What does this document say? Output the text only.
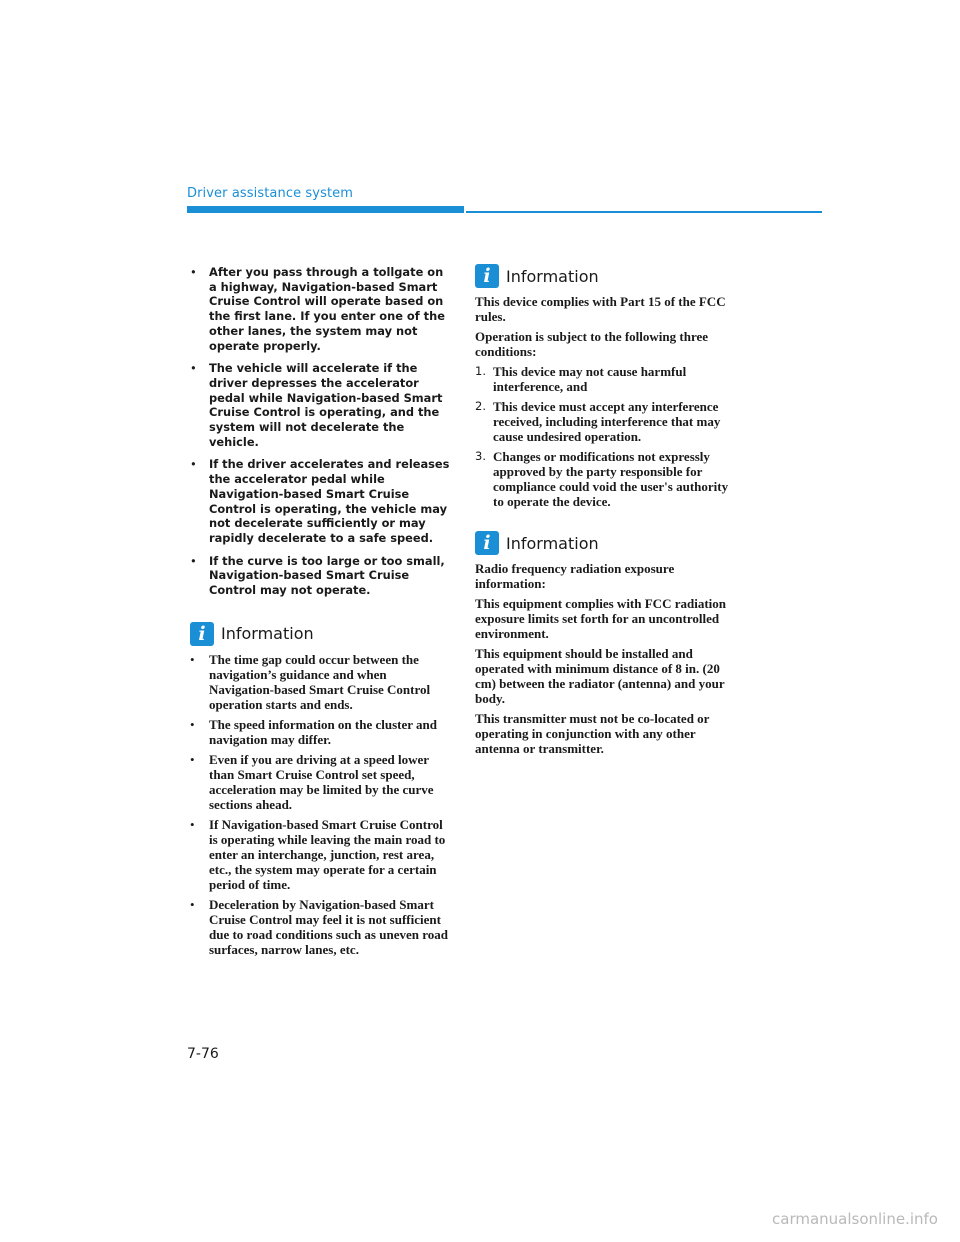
Driver assistance system
• After you pass through a tollgate on a highway, Navigation-based Smart Cruise Control will operate based on the first lane. If you enter one of the other lanes, the system may not operate properly.
• The vehicle will accelerate if the driver depresses the accelerator pedal while Navigation-based Smart Cruise Control is operating, and the system will not decelerate the vehicle.
• If the driver accelerates and releases the accelerator pedal while Navigation-based Smart Cruise Control is operating, the vehicle may not decelerate sufficiently or may rapidly decelerate to a safe speed.
• If the curve is too large or too small, Navigation-based Smart Cruise Control may not operate.
i Information
• The time gap could occur between the navigation’s guidance and when Navigation-based Smart Cruise Control operation starts and ends.
• The speed information on the cluster and navigation may differ.
• Even if you are driving at a speed lower than Smart Cruise Control set speed, acceleration may be limited by the curve sections ahead.
• If Navigation-based Smart Cruise Control is operating while leaving the main road to enter an interchange, junction, rest area, etc., the system may operate for a certain period of time.
• Deceleration by Navigation-based Smart Cruise Control may feel it is not sufficient due to road conditions such as uneven road surfaces, narrow lanes, etc.
i Information

This device complies with Part 15 of the FCC rules.

Operation is subject to the following three conditions:

1. This device may not cause harmful interference, and
2. This device must accept any interference received, including interference that may cause undesired operation.
3. Changes or modifications not expressly approved by the party responsible for compliance could void the user's authority to operate the device.
i Information

Radio frequency radiation exposure information:

This equipment complies with FCC radiation exposure limits set forth for an uncontrolled environment.

This equipment should be installed and operated with minimum distance of 8 in. (20 cm) between the radiator (antenna) and your body.

This transmitter must not be co-located or operating in conjunction with any other antenna or transmitter.

7-76
carmanualsonline.info
